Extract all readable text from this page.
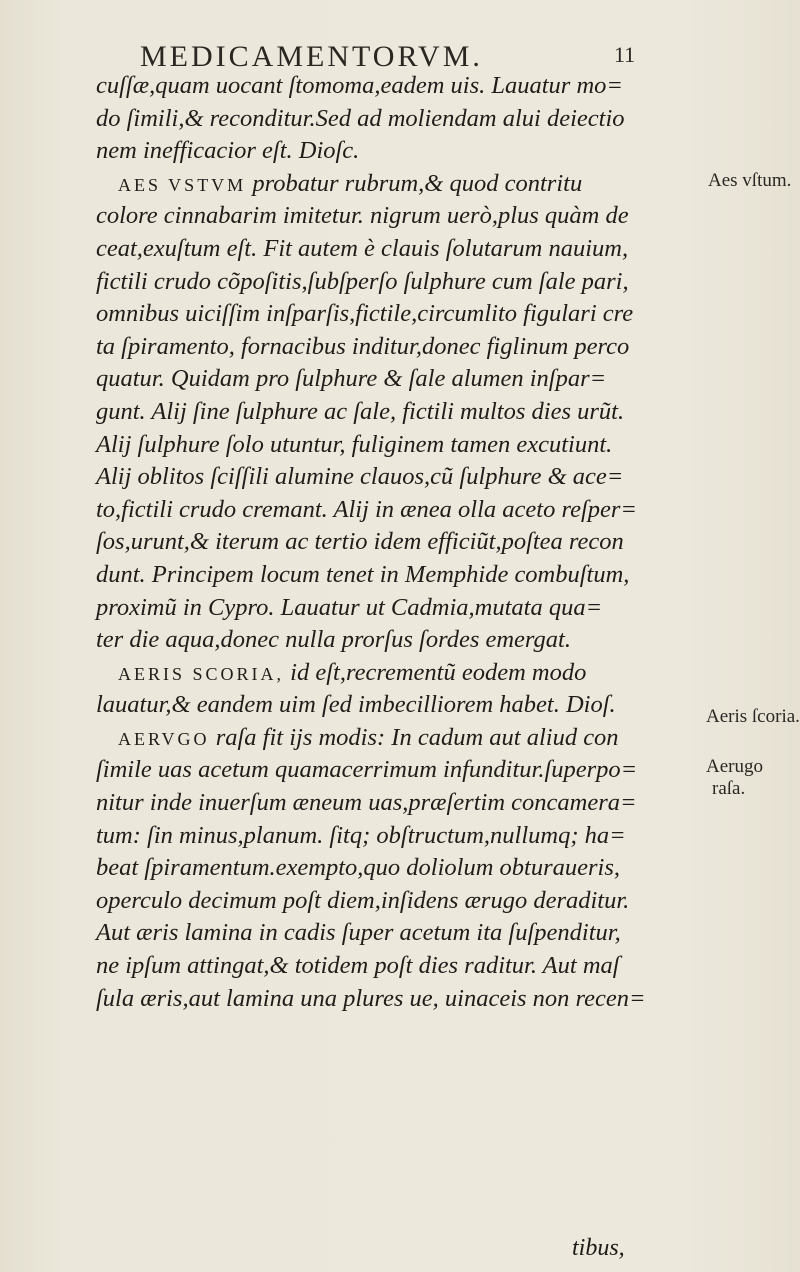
MEDICAMENTORVM.	11
cuſſæ,quam uocant ſtomoma,eadem uis. Lauatur mo=
do ſimili,& reconditur.Sed ad moliendam alui deiectio
nem inefficacior eſt. Dioſc.
AES VSTVM probatur rubrum,& quod contritu
colore cinnabarim imitetur. nigrum uerò,plus quàm de
ceat,exuſtum eſt. Fit autem è clauis ſolutarum nauium,
fictili crudo cõpoſitis,ſubſperſo ſulphure cum ſale pari,
omnibus uiciſſim inſparſis,fictile,circumlito figulari cre
ta ſpiramento, fornacibus inditur,donec figlinum perco
quatur. Quidam pro ſulphure & ſale alumen inſpar=
gunt. Alij ſine ſulphure ac ſale, fictili multos dies urũt.
Alij ſulphure ſolo utuntur, fuliginem tamen excutiunt.
Alij oblitos ſciſſili alumine clauos,cũ ſulphure & ace=
to,fictili crudo cremant. Alij in ænea olla aceto reſper=
ſos,urunt,& iterum ac tertio idem efficiũt,poſtea recon
dunt. Principem locum tenet in Memphide combuſtum,
proximũ in Cypro. Lauatur ut Cadmia,mutata qua=
ter die aqua,donec nulla prorſus ſordes emergat.
AERIS SCORIA, id eſt,recrementũ eodem modo
lauatur,& eandem uim ſed imbecilliorem habet. Dioſ.
AERVGO raſa fit ijs modis: In cadum aut aliud con
ſimile uas acetum quamacerrimum infunditur.ſuperpo=
nitur inde inuerſum æneum uas,præſertim concamera=
tum: ſin minus,planum. ſitq; obſtructum,nullumq; ha=
beat ſpiramentum.exempto,quo doliolum obturaueris,
operculo decimum poſt diem,inſidens ærugo deraditur.
Aut æris lamina in cadis ſuper acetum ita ſuſpenditur,
ne ipſum attingat,& totidem poſt dies raditur. Aut maſ
ſula æris,aut lamina una plures ue, uinaceis non recen=
Aes vſtum.
Aeris ſcoria.
Aerugo
raſa.
tibus,
